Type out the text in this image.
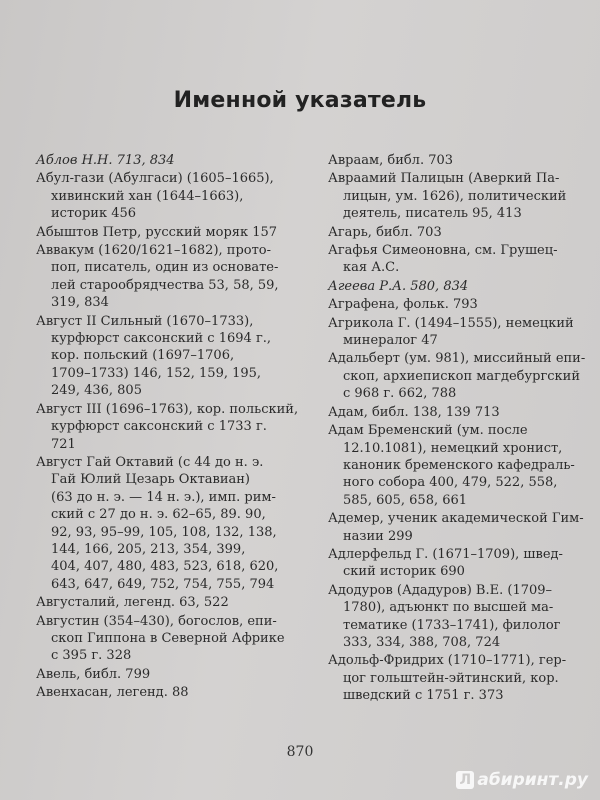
Именной указатель
Аблов Н.Н. 713, 834
Абул-гази (Абулгаси) (1605–1665),
хивинский хан (1644–1663),
историк 456
Абыштов Петр, русский моряк 157
Аввакум (1620/1621–1682), прото-
поп, писатель, один из основате-
лей старообрядчества 53, 58, 59,
319, 834
Август II Сильный (1670–1733),
курфюрст саксонский с 1694 г.,
кор. польский (1697–1706,
1709–1733) 146, 152, 159, 195,
249, 436, 805
Август III (1696–1763), кор. польский,
курфюрст саксонский с 1733 г.
721
Август Гай Октавий (с 44 до н. э.
Гай Юлий Цезарь Октавиан)
(63 до н. э. — 14 н. э.), имп. рим-
ский с 27 до н. э. 62–65, 89. 90,
92, 93, 95–99, 105, 108, 132, 138,
144, 166, 205, 213, 354, 399,
404, 407, 480, 483, 523, 618, 620,
643, 647, 649, 752, 754, 755, 794
Августалий, легенд. 63, 522
Августин (354–430), богослов, епи-
скоп Гиппона в Северной Африке
с 395 г. 328
Авель, библ. 799
Авенхасан, легенд. 88
Авраам, библ. 703
Авраамий Палицын (Аверкий Па-
лицын, ум. 1626), политический
деятель, писатель 95, 413
Агарь, библ. 703
Агафья Симеоновна, см. Грушец-
кая А.С.
Агеева Р.А. 580, 834
Аграфена, фольк. 793
Агрикола Г. (1494–1555), немецкий
минералог 47
Адальберт (ум. 981), миссийный епи-
скоп, архиепископ магдебургский
с 968 г. 662, 788
Адам, библ. 138, 139 713
Адам Бременский (ум. после
12.10.1081), немецкий хронист,
каноник бременского кафедраль-
ного собора 400, 479, 522, 558,
585, 605, 658, 661
Адемер, ученик академической Гим-
назии 299
Адлерфельд Г. (1671–1709), швед-
ский историк 690
Адодуров (Ададуров) В.Е. (1709–
1780), адъюнкт по высшей ма-
тематике (1733–1741), филолог
333, 334, 388, 708, 724
Адольф-Фридрих (1710–1771), гер-
цог гольштейн-эйтинский, кор.
шведский с 1751 г. 373
870
Л абиринт.ру
